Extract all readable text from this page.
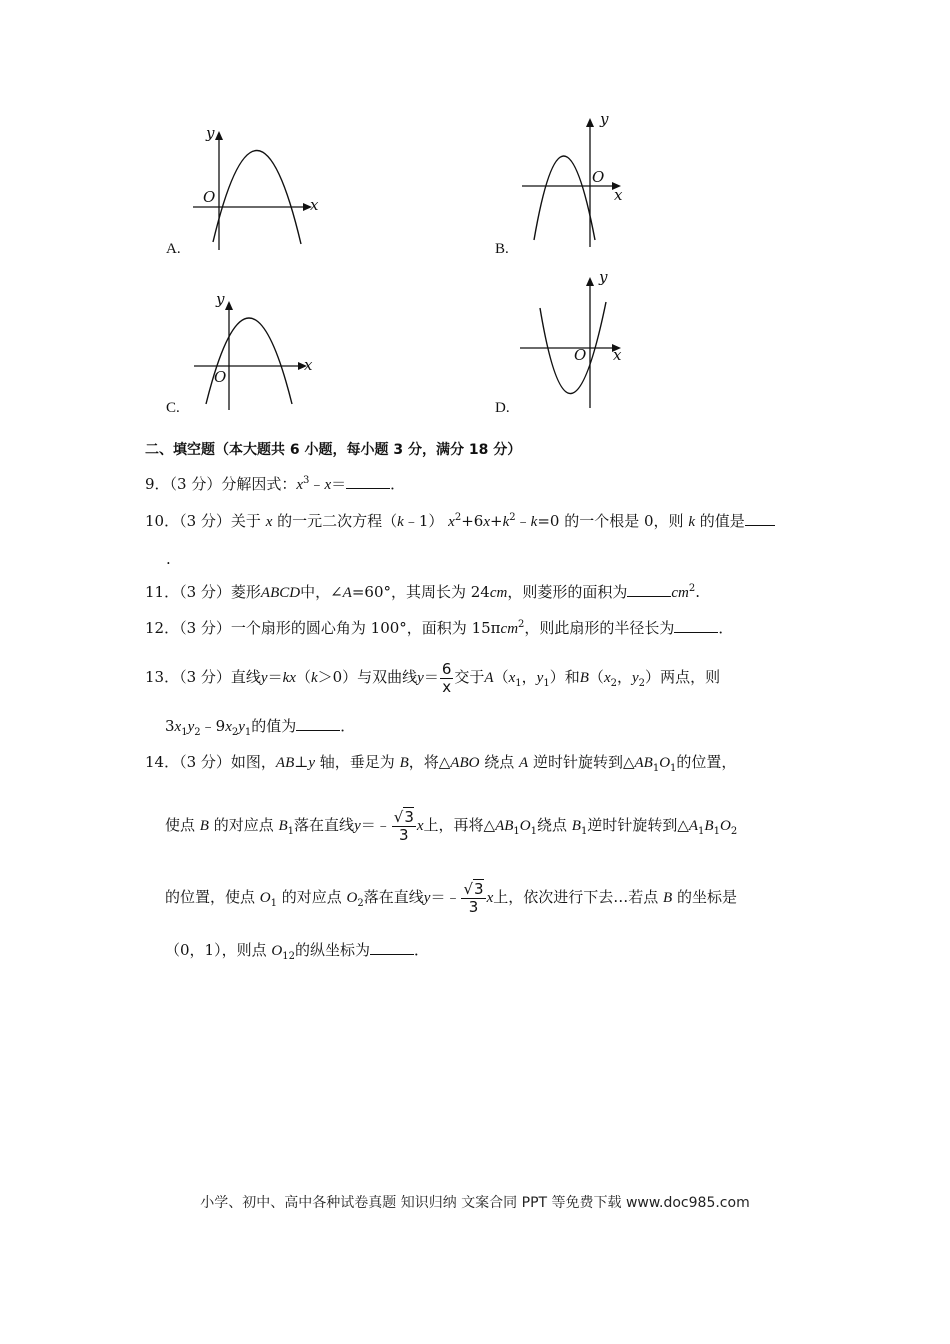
y
O	x
A.
y
O
x
B.
y
O
x
C.
y
O x
D.
二、填空题（本大题共 6 小题，每小题 3 分，满分 18 分）
9．（3 分）分解因式：$x^3﹣x=$	．
10．（3 分）关于 x 的一元二次方程（k﹣1） $x^2+6x+k^2﹣k=0$ 的一个根是 0，则 k 的值是
.
11．（3 分）菱形ABCD中，∠A=60°，其周长为 24cm，则菱形的面积为	$cm^2$.
12．（3 分）一个扇形的圆心角为 100°，面积为 15πcm$^2$，则此扇形的半径长为	．
13．（3 分）直线y＝kx（k＞0）与双曲线$y= \frac{6}{x}$ 交于$A(x_1$，$y_1$）和$B(x_2$，$y_2$）两点，则
$3x_1y_2﹣9x_2y_1$的值为	．
14．（3 分）如图，AB⊥y 轴，垂足为 B，将△ABO 绕点 A 逆时针旋转到$\triangle AB_1O_1$的位置，
使点 B 的对应点 $B_1$落在直线y＝﹣ $\frac{√3}{3}$ x上，再将$\triangle AB_1O_1$绕点 $B_1$逆时针旋转到$\triangle A_1B_1O_2$
的位置，使点 $O_1$ 的对应点 $O_2$落在直线y＝﹣ $\frac{√3}{3}$ x上，依次进行下去…若点 B 的坐标是
（0，1），则点 $O_{12}$的纵坐标为	．
小学、初中、高中各种试卷真题 知识归纳 文案合同 PPT 等免费下载 www.doc985.com
